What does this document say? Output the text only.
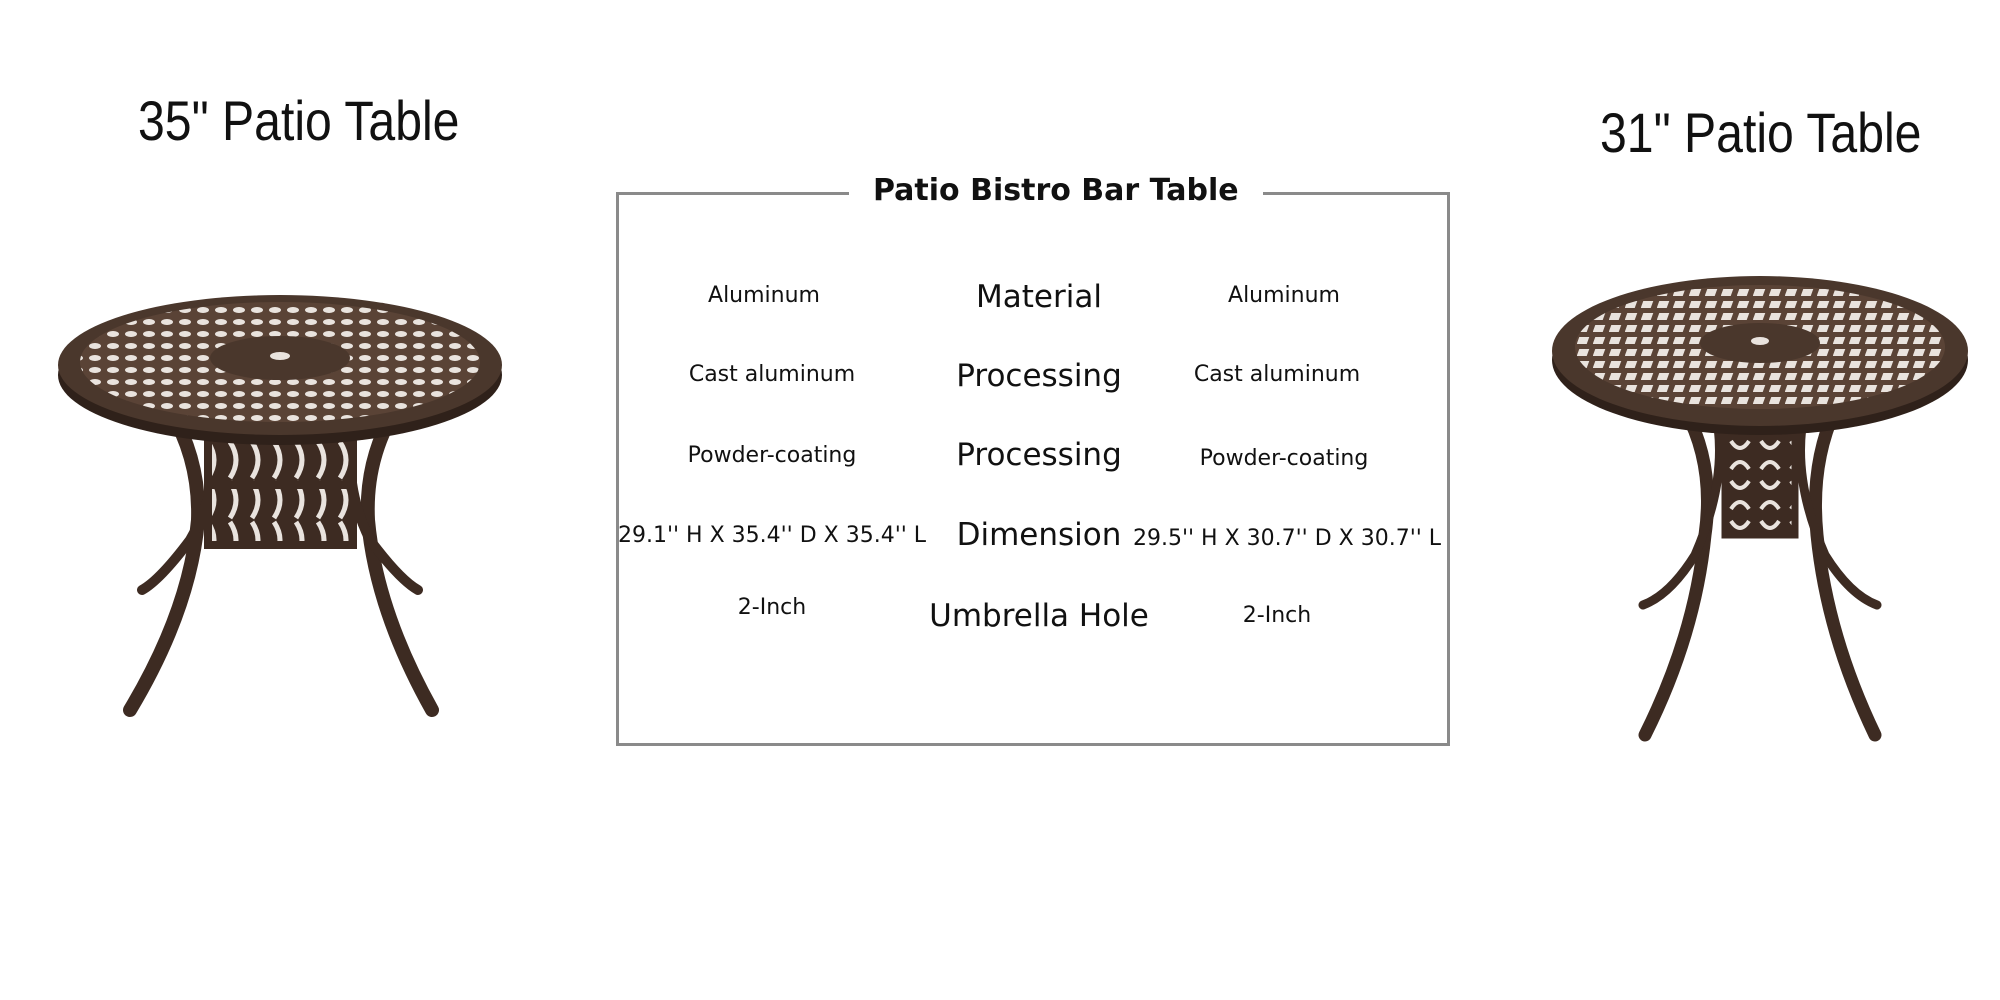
35" Patio Table	31" Patio Table
Patio Bistro Bar Table
Aluminum	Material	Aluminum
Cast aluminum	Processing	Cast aluminum
Powder-coating	Processing	Powder-coating
29.1'' H X 35.4'' D X 35.4'' L Dimension 29.5'' H X 30.7'' D X 30.7'' L
2-Inch	Umbrella Hole	2-Inch
